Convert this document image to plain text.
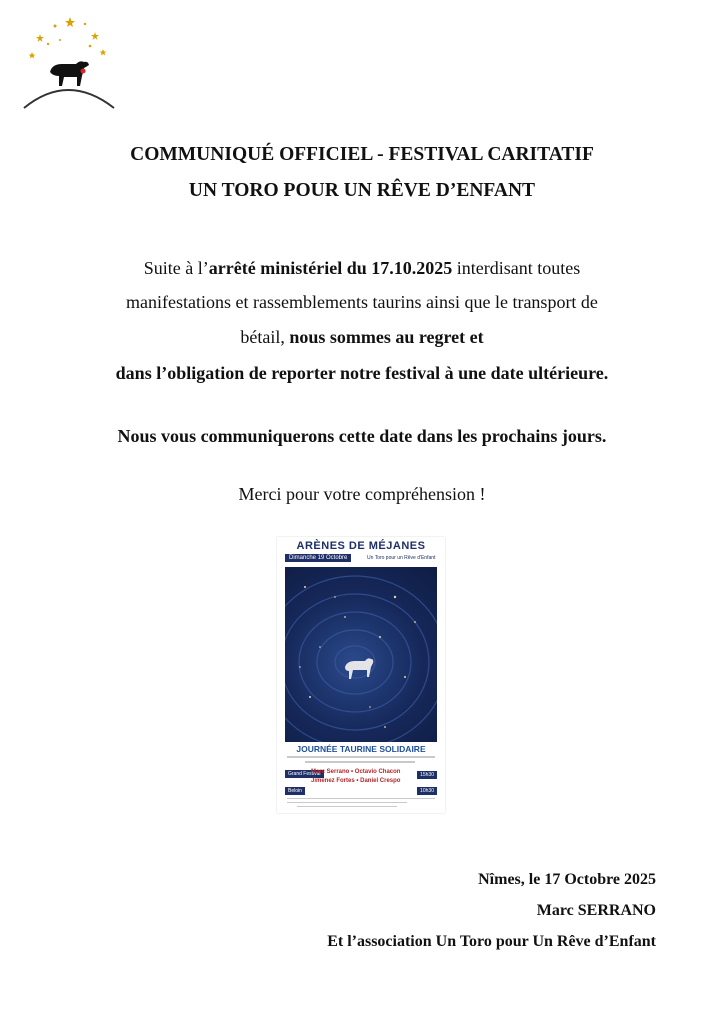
COMMUNIQUÉ OFFICIEL - FESTIVAL CARITATIF
UN TORO POUR UN RÊVE D’ENFANT
Suite à l’arrêté ministériel du 17.10.2025 interdisant toutes
manifestations et rassemblements taurins ainsi que le transport de
bétail, nous sommes au regret et
dans l’obligation de reporter notre festival à une date ultérieure.
Nous vous communiquerons cette date dans les prochains jours.
Merci pour votre compréhension !
ARÈNES DE MÉJANES
Dimanche 19 Octobre	Un Toro pour un Rêve d'Enfant
JOURNÉE TAURINE SOLIDAIRE
Grand Festival
Marc Serrano • Octavio Chacon
Jimenez Fortes • Daniel Crespo
15h30
Beloin	10h30
Nîmes, le 17 Octobre 2025
Marc SERRANO
Et l’association Un Toro pour Un Rêve d’Enfant
